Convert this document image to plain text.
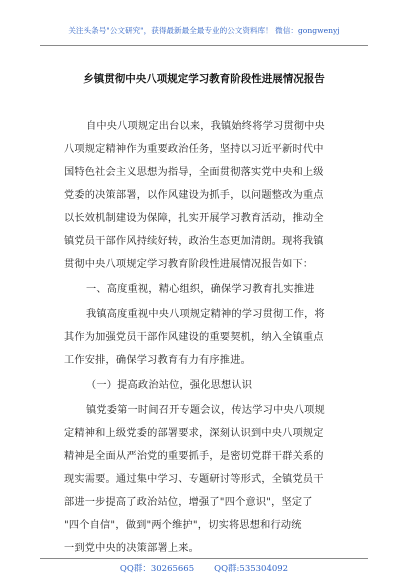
关注头条号"公文研究"，获得最新最全最专业的公文资料库！ 微信：gongwenyj
乡镇贯彻中央八项规定学习教育阶段性进展情况报告
自中央八项规定出台以来，我镇始终将学习贯彻中央
八项规定精神作为重要政治任务，坚持以习近平新时代中
国特色社会主义思想为指导，全面贯彻落实党中央和上级
党委的决策部署，以作风建设为抓手，以问题整改为重点
以长效机制建设为保障，扎实开展学习教育活动，推动全
镇党员干部作风持续好转，政治生态更加清朗。现将我镇
贯彻中央八项规定学习教育阶段性进展情况报告如下：
一、高度重视，精心组织，确保学习教育扎实推进
我镇高度重视中央八项规定精神的学习贯彻工作，将
其作为加强党员干部作风建设的重要契机，纳入全镇重点
工作安排，确保学习教育有力有序推进。
（一）提高政治站位，强化思想认识
镇党委第一时间召开专题会议，传达学习中央八项规
定精神和上级党委的部署要求，深刻认识到中央八项规定
精神是全面从严治党的重要抓手，是密切党群干群关系的
现实需要。通过集中学习、专题研讨等形式，全镇党员干
部进一步提高了政治站位，增强了"四个意识"，坚定了
"四个自信"，做到"两个维护"，切实将思想和行动统
一到党中央的决策部署上来。
QQ群：30265665 QQ群:535304092
